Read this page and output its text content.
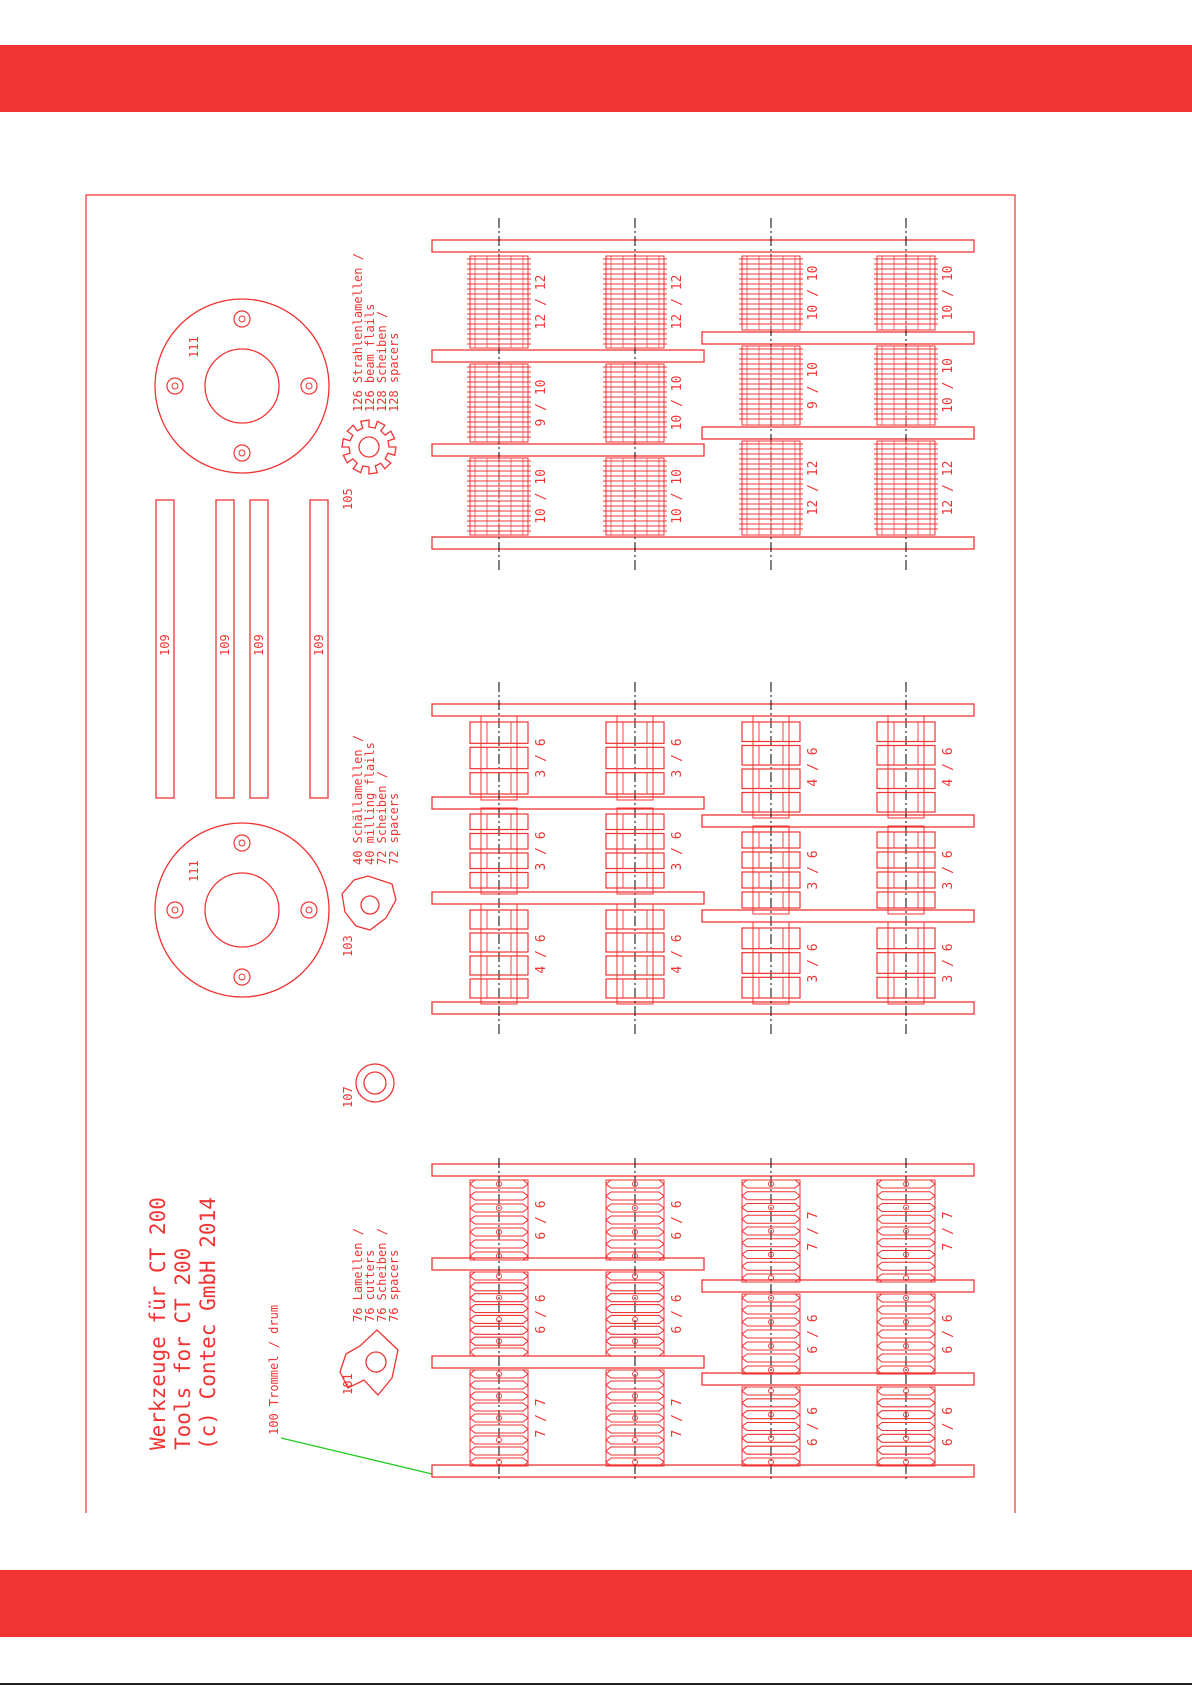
Werkzeuge für CT 200 Tools for CT 200 (c) Contec GmbH 2014	100 Trommel / drum	101
76 Lamellen /
76 cutters
76 Scheiben /
76 spacers
107
103
40 Schällamellen /
40 milling flails
72 Scheiben /
72 spacers
105
126 Strahlenlamellen /
126 beam flails
128 Scheiben /
128 spacers
109	109 109	109
111
111
6 / 6
6 / 6
7 / 7
6 / 6
6 / 6
7 / 7
7 / 7
6 / 6
6 / 6
7 / 7
6 / 6
6 / 6
3 / 6
3 / 6
4 / 6
3 / 6
3 / 6
4 / 6
4 / 6
3 / 6
3 / 6
4 / 6
3 / 6
3 / 6
12 / 12
9 / 10
10 / 10
12 / 12
10 / 10
10 / 10
10 / 10
9 / 10
12 / 12
10 / 10
10 / 10
12 / 12
